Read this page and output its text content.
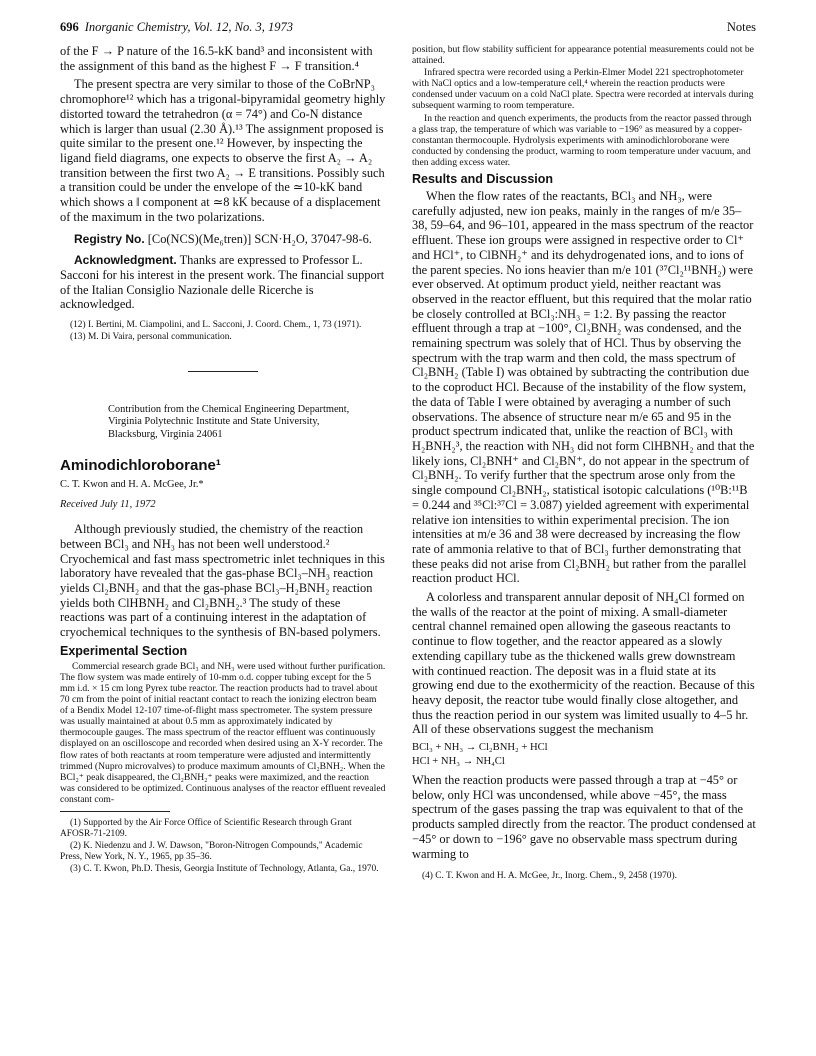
696 Inorganic Chemistry, Vol. 12, No. 3, 1973	Notes

of the F → P nature of the 16.5-kK band³ and inconsistent with the assignment of this band as the highest F → F transition.⁴

The present spectra are very similar to those of the CoBrNP₃ chromophore¹² which has a trigonal-bipyramidal geometry highly distorted toward the tetrahedron (α = 74°) and Co-N distance which is larger than usual (2.30 Å).¹³ The assignment proposed is quite similar to the present one.¹² However, by inspecting the ligand field diagrams, one expects to observe the first A₂ → A₂ transition between the first two A₂ → E transitions. Possibly such a transition could be under the envelope of the ≃10-kK band which shows a ‖ component at ≃8 kK because of a displacement of the maximum in the two polarizations.

Registry No. [Co(NCS)(Me₆tren)] SCN·H₂O, 37047-98-6.

Acknowledgment. Thanks are expressed to Professor L. Sacconi for his interest in the present work. The financial support of the Italian Consiglio Nazionale delle Ricerche is acknowledged.

(12) I. Bertini, M. Ciampolini, and L. Sacconi, J. Coord. Chem., 1, 73 (1971).

(13) M. Di Vaira, personal communication.

Contribution from the Chemical Engineering Department,
Virginia Polytechnic Institute and State University,
Blacksburg, Virginia 24061
Aminodichloroborane¹
C. T. Kwon and H. A. McGee, Jr.*
Received July 11, 1972

Although previously studied, the chemistry of the reaction between BCl₃ and NH₃ has not been well understood.² Cryochemical and fast mass spectrometric inlet techniques in this laboratory have revealed that the gas-phase BCl₃–NH₃ reaction yields Cl₂BNH₂ and that the gas-phase BCl₃–H₂BNH₂ reaction yields both ClHBNH₂ and Cl₂BNH₂.³ The study of these reactions was part of a continuing interest in the adaptation of cryochemical techniques to the synthesis of BN-based polymers.

Experimental Section

Commercial research grade BCl₃ and NH₃ were used without further purification. The flow system was made entirely of 10-mm o.d. copper tubing except for the 5 mm i.d. × 15 cm long Pyrex tube reactor. The reaction products had to travel about 70 cm from the point of initial reactant contact to reach the ionizing electron beam of a Bendix Model 12-107 time-of-flight mass spectrometer. The system pressure was usually maintained at about 0.5 mm as approximately indicated by thermocouple gauges. The mass spectrum of the reactor effluent was continuously displayed on an oscilloscope and recorded when desired using an X-Y recorder. The flow rates of both reactants at room temperature were adjusted and intermittently trimmed (Nupro microvalves) to produce maximum amounts of Cl₂BNH₂. When the BCl₂⁺ peak disappeared, the Cl₂BNH₂⁺ peaks were maximized, and the reaction was considered to be optimized. Continuous analyses of the reactor effluent revealed constant com-

(1) Supported by the Air Force Office of Scientific Research through Grant AFOSR-71-2109.

(2) K. Niedenzu and J. W. Dawson, "Boron-Nitrogen Compounds," Academic Press, New York, N. Y., 1965, pp 35–36.

(3) C. T. Kwon, Ph.D. Thesis, Georgia Institute of Technology, Atlanta, Ga., 1970.

position, but flow stability sufficient for appearance potential measurements could not be attained.

Infrared spectra were recorded using a Perkin-Elmer Model 221 spectrophotometer with NaCl optics and a low-temperature cell,⁴ wherein the reaction products were condensed under vacuum on a cold NaCl plate. Spectra were recorded at intervals during subsequent warming to room temperature.

In the reaction and quench experiments, the products from the reactor passed through a glass trap, the temperature of which was variable to −196° as measured by a copper-constantan thermocouple. Hydrolysis experiments with aminodichloroborane were conducted by condensing the product, warming to room temperature under vacuum, and then adding excess water.

Results and Discussion

When the flow rates of the reactants, BCl₃ and NH₃, were carefully adjusted, new ion peaks, mainly in the ranges of m/e 35–38, 59–64, and 96–101, appeared in the mass spectrum of the reactor effluent. These ion groups were assigned in respective order to Cl⁺ and HCl⁺, to ClBNH₂⁺ and its dehydrogenated ions, and to ions of the parent species. No ions heavier than m/e 101 (³⁷Cl₂¹¹BNH₂) were ever observed. At optimum product yield, neither reactant was observed in the reactor effluent, but this required that the molar ratio be closely controlled at BCl₃:NH₃ = 1:2. By passing the reactor effluent through a trap at −100°, Cl₂BNH₂ was condensed, and the remaining spectrum was solely that of HCl. Thus by observing the spectrum with the trap warm and then cold, the mass spectrum of Cl₂BNH₂ (Table I) was obtained by subtracting the contribution due to the coproduct HCl. Because of the instability of the flow system, the data of Table I were obtained by averaging a number of such observations. The absence of structure near m/e 65 and 95 in the product spectrum indicated that, unlike the reaction of BCl₃ with H₂BNH₂³, the reaction with NH₃ did not form ClHBNH₂ and that the likely ions, Cl₂BNH⁺ and Cl₂BN⁺, do not appear in the spectrum of Cl₂BNH₂. To verify further that the spectrum arose only from the single compound Cl₂BNH₂, statistical isotopic calculations (¹⁰B:¹¹B = 0.244 and ³⁵Cl:³⁷Cl = 3.087) yielded agreement with experimental relative ion intensities to within experimental precision. The ion intensities at m/e 36 and 38 were decreased by increasing the flow rate of ammonia relative to that of BCl₃ further demonstrating that these peaks did not arise from Cl₂BNH₂ but rather from the parallel reaction product HCl.

A colorless and transparent annular deposit of NH₄Cl formed on the walls of the reactor at the point of mixing. A small-diameter central channel remained open allowing the gaseous reactants to continue to flow together, and the reactor appeared as a slowly extending capillary tube as the thickened walls grew downstream with continued reaction. The deposit was in a fluid state at its growing end due to the exothermicity of the reaction. Because of this heavy deposit, the reactor tube would finally close altogether, and thus the reaction period in our system was limited usually to 4–5 hr. All of these observations suggest the mechanism

BCl₃ + NH₃ → Cl₂BNH₂ + HCl
HCl + NH₃ → NH₄Cl

When the reaction products were passed through a trap at −45° or below, only HCl was uncondensed, while above −45°, the mass spectrum of the gases passing the trap was equivalent to that of the products sampled directly from the reactor. The product condensed at −45° or down to −196° gave no observable mass spectrum during warming to

(4) C. T. Kwon and H. A. McGee, Jr., Inorg. Chem., 9, 2458 (1970).
